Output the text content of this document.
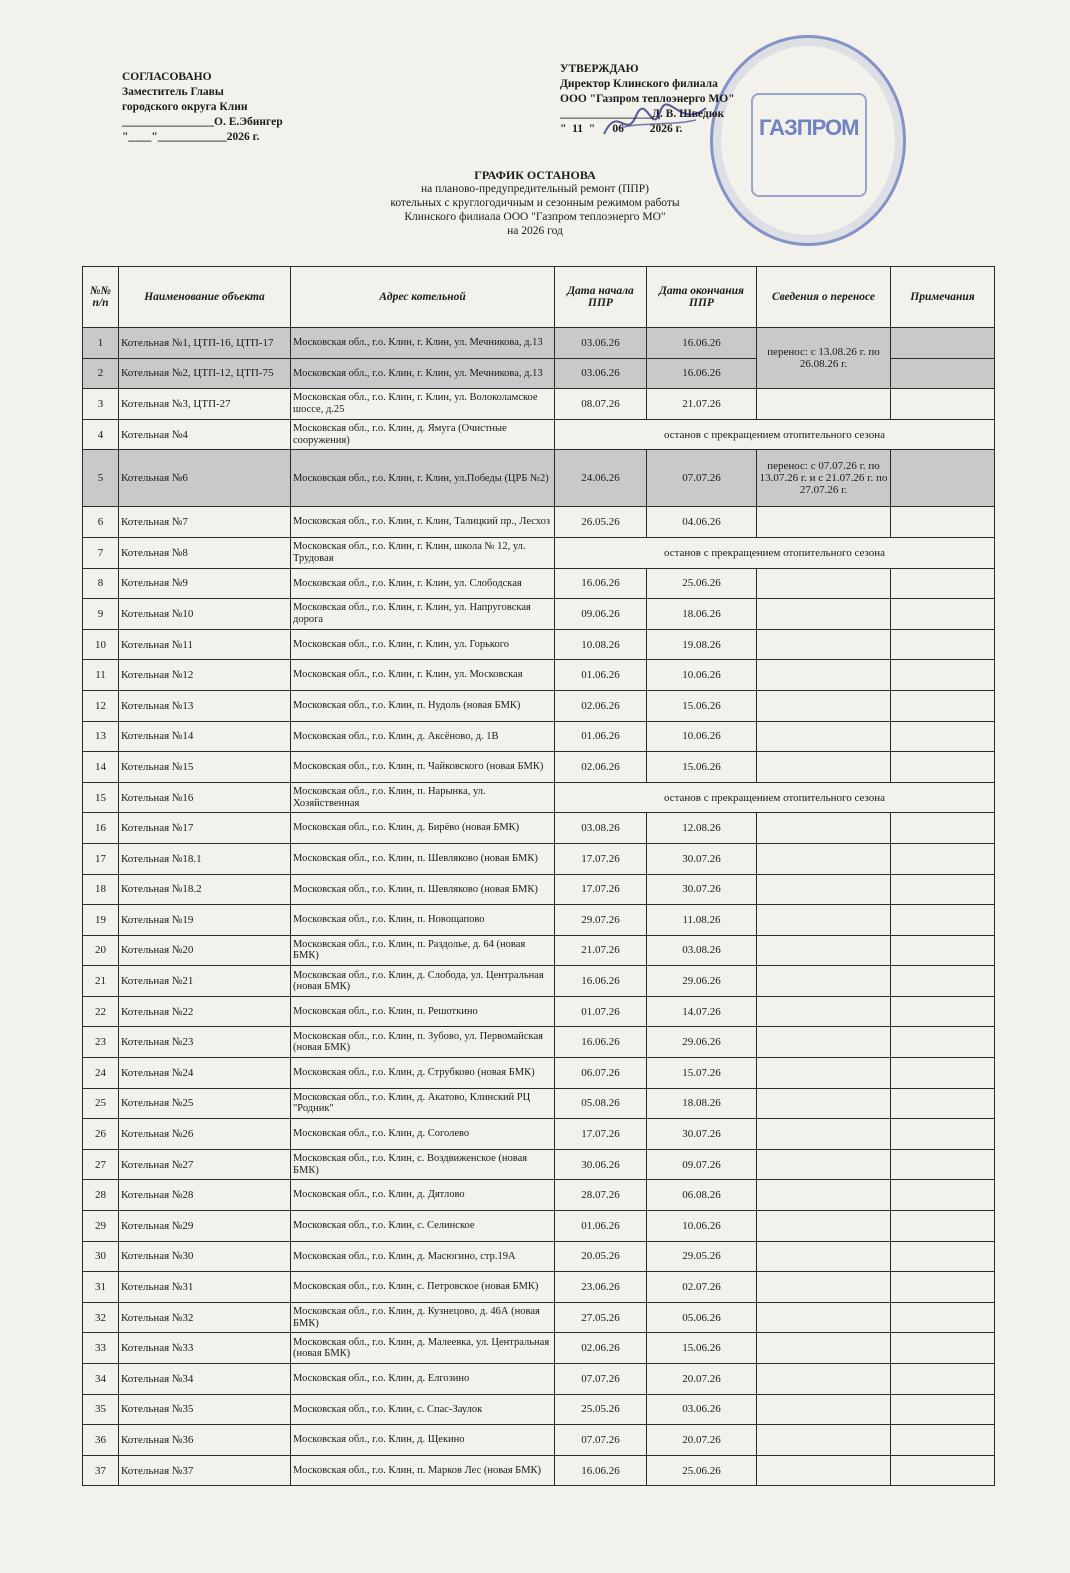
СОГЛАСОВАНО
Заместитель Главы
городского округа Клин
________________О. Е.Эбингер
"____"____________2026 г.	ГАЗПРОМ
УТВЕРЖДАЮ
Директор Клинского филиала
ООО "Газпром теплоэнерго МО"
________________Д. В. Шведюк
"  11  "      06         2026 г.
ГРАФИК ОСТАНОВА
на планово-предупредительный ремонт (ППР)
котельных с круглогодичным и сезонным режимом работы
Клинского филиала ООО "Газпром теплоэнерго МО"
на 2026 год
№№ п/п	Наименование объекта	Адрес котельной	Дата начала ППР	Дата окончания ППР	Сведения о переносе	Примечания
1	Котельная №1, ЦТП-16, ЦТП-17	Московская обл., г.о. Клин, г. Клин, ул. Мечникова, д.13	03.06.26	16.06.26	перенос: с 13.08.26 г. по 26.08.26 г.	
2	Котельная №2, ЦТП-12, ЦТП-75	Московская обл., г.о. Клин, г. Клин, ул. Мечникова, д.13	03.06.26	16.06.26		
3	Котельная №3, ЦТП-27	Московская обл., г.о. Клин, г. Клин, ул. Волоколамское шоссе, д.25	08.07.26	21.07.26		
4	Котельная №4	Московская обл., г.о. Клин, д. Ямуга (Очистные сооружения)	останов с прекращением отопительного сезона			
5	Котельная №6	Московская обл., г.о. Клин, г. Клин, ул.Победы (ЦРБ №2)	24.06.26	07.07.26	перенос: с 07.07.26 г. по 13.07.26 г. и с 21.07.26 г. по 27.07.26 г.	
6	Котельная №7	Московская обл., г.о. Клин, г. Клин, Талицкий пр., Лесхоз	26.05.26	04.06.26		
7	Котельная №8	Московская обл., г.о. Клин, г. Клин, школа № 12, ул. Трудовая	останов с прекращением отопительного сезона			
8	Котельная №9	Московская обл., г.о. Клин, г. Клин, ул. Слободская	16.06.26	25.06.26		
9	Котельная №10	Московская обл., г.о. Клин, г. Клин, ул. Напруговская дорога	09.06.26	18.06.26		
10	Котельная №11	Московская обл., г.о. Клин, г. Клин, ул. Горького	10.08.26	19.08.26		
11	Котельная №12	Московская обл., г.о. Клин, г. Клин, ул. Московская	01.06.26	10.06.26		
12	Котельная №13	Московская обл., г.о. Клин, п. Нудоль (новая БМК)	02.06.26	15.06.26		
13	Котельная №14	Московская обл., г.о. Клин, д. Аксёново, д. 1В	01.06.26	10.06.26		
14	Котельная №15	Московская обл., г.о. Клин, п. Чайковского (новая БМК)	02.06.26	15.06.26		
15	Котельная №16	Московская обл., г.о. Клин, п. Нарынка, ул. Хозяйственная	останов с прекращением отопительного сезона			
16	Котельная №17	Московская обл., г.о. Клин, д. Бирёво (новая БМК)	03.08.26	12.08.26		
17	Котельная №18.1	Московская обл., г.о. Клин, п. Шевляково (новая БМК)	17.07.26	30.07.26		
18	Котельная №18.2	Московская обл., г.о. Клин, п. Шевляково (новая БМК)	17.07.26	30.07.26		
19	Котельная №19	Московская обл., г.о. Клин, п. Новощапово	29.07.26	11.08.26		
20	Котельная №20	Московская обл., г.о. Клин, п. Раздолье, д. 64 (новая БМК)	21.07.26	03.08.26		
21	Котельная №21	Московская обл., г.о. Клин, д. Слобода, ул. Центральная (новая БМК)	16.06.26	29.06.26		
22	Котельная №22	Московская обл., г.о. Клин, п. Решоткино	01.07.26	14.07.26		
23	Котельная №23	Московская обл., г.о. Клин, п. Зубово, ул. Первомайская (новая БМК)	16.06.26	29.06.26		
24	Котельная №24	Московская обл., г.о. Клин, д. Струбково (новая БМК)	06.07.26	15.07.26		
25	Котельная №25	Московская обл., г.о. Клин, д. Акатово, Клинский РЦ "Родник"	05.08.26	18.08.26		
26	Котельная №26	Московская обл., г.о. Клин, д. Соголево	17.07.26	30.07.26		
27	Котельная №27	Московская обл., г.о. Клин, с. Воздвиженское (новая БМК)	30.06.26	09.07.26		
28	Котельная №28	Московская обл., г.о. Клин, д. Дятлово	28.07.26	06.08.26		
29	Котельная №29	Московская обл., г.о. Клин, с. Селинское	01.06.26	10.06.26		
30	Котельная №30	Московская обл., г.о. Клин, д. Масюгино, стр.19А	20.05.26	29.05.26		
31	Котельная №31	Московская обл., г.о. Клин, с. Петровское (новая БМК)	23.06.26	02.07.26		
32	Котельная №32	Московская обл., г.о. Клин, д. Кузнецово, д. 46А (новая БМК)	27.05.26	05.06.26		
33	Котельная №33	Московская обл., г.о. Клин, д. Малеевка, ул. Центральная (новая БМК)	02.06.26	15.06.26		
34	Котельная №34	Московская обл., г.о. Клин, д. Елгозино	07.07.26	20.07.26		
35	Котельная №35	Московская обл., г.о. Клин, с. Спас-Заулок	25.05.26	03.06.26		
36	Котельная №36	Московская обл., г.о. Клин, д. Щекино	07.07.26	20.07.26		
37	Котельная №37	Московская обл., г.о. Клин, п. Марков Лес (новая БМК)	16.06.26	25.06.26		
